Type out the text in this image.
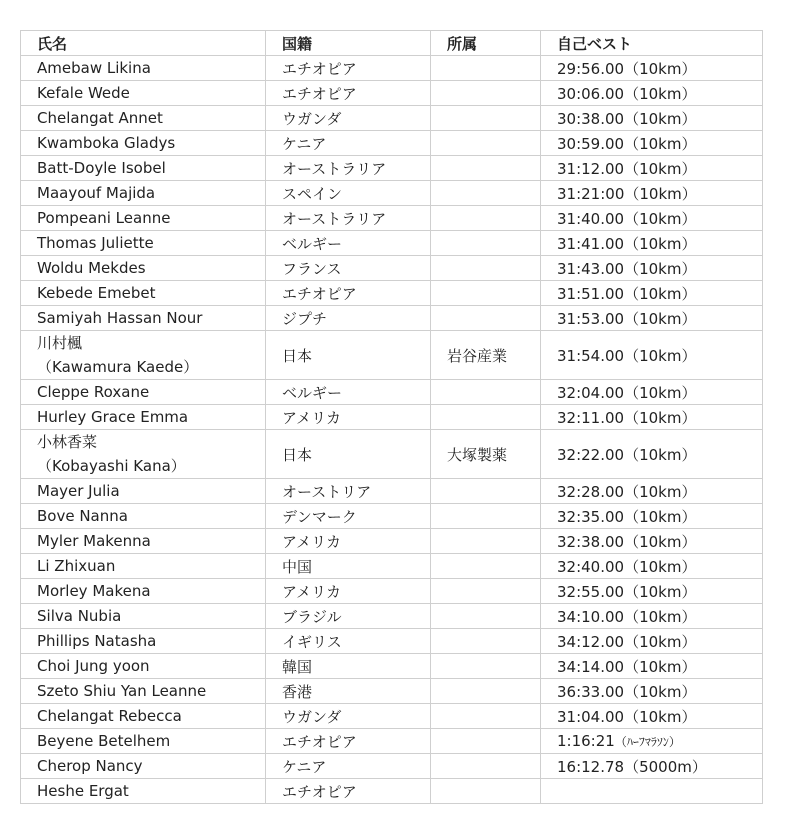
氏名	国籍	所属	自己ベスト
Amebaw Likina	エチオピア		29:56.00（10km）
Kefale Wede	エチオピア		30:06.00（10km）
Chelangat Annet	ウガンダ		30:38.00（10km）
Kwamboka Gladys	ケニア		30:59.00（10km）
Batt-Doyle Isobel	オーストラリア		31:12.00（10km）
Maayouf Majida	スペイン		31:21:00（10km）
Pompeani Leanne	オーストラリア		31:40.00（10km）
Thomas Juliette	ベルギー		31:41.00（10km）
Woldu Mekdes	フランス		31:43.00（10km）
Kebede Emebet	エチオピア		31:51.00（10km）
Samiyah Hassan Nour	ジプチ		31:53.00（10km）

川村楓
（Kawamura Kaede）	日本	岩谷産業	31:54.00（10km）
Cleppe Roxane	ベルギー		32:04.00（10km）
Hurley Grace Emma	アメリカ		32:11.00（10km）

小林香菜
（Kobayashi Kana）	日本	大塚製薬	32:22.00（10km）
Mayer Julia	オーストリア		32:28.00（10km）
Bove Nanna	デンマーク		32:35.00（10km）
Myler Makenna	アメリカ		32:38.00（10km）
Li Zhixuan	中国		32:40.00（10km）
Morley Makena	アメリカ		32:55.00（10km）
Silva Nubia	ブラジル		34:10.00（10km）
Phillips Natasha	イギリス		34:12.00（10km）
Choi Jung yoon	韓国		34:14.00（10km）
Szeto Shiu Yan Leanne	香港		36:33.00（10km）
Chelangat Rebecca	ウガンダ		31:04.00（10km）
Beyene Betelhem	エチオピア		1:16:21（ﾊｰﾌﾏﾗｿﾝ）
Cherop Nancy	ケニア		16:12.78（5000m）
Heshe Ergat	エチオピア		
